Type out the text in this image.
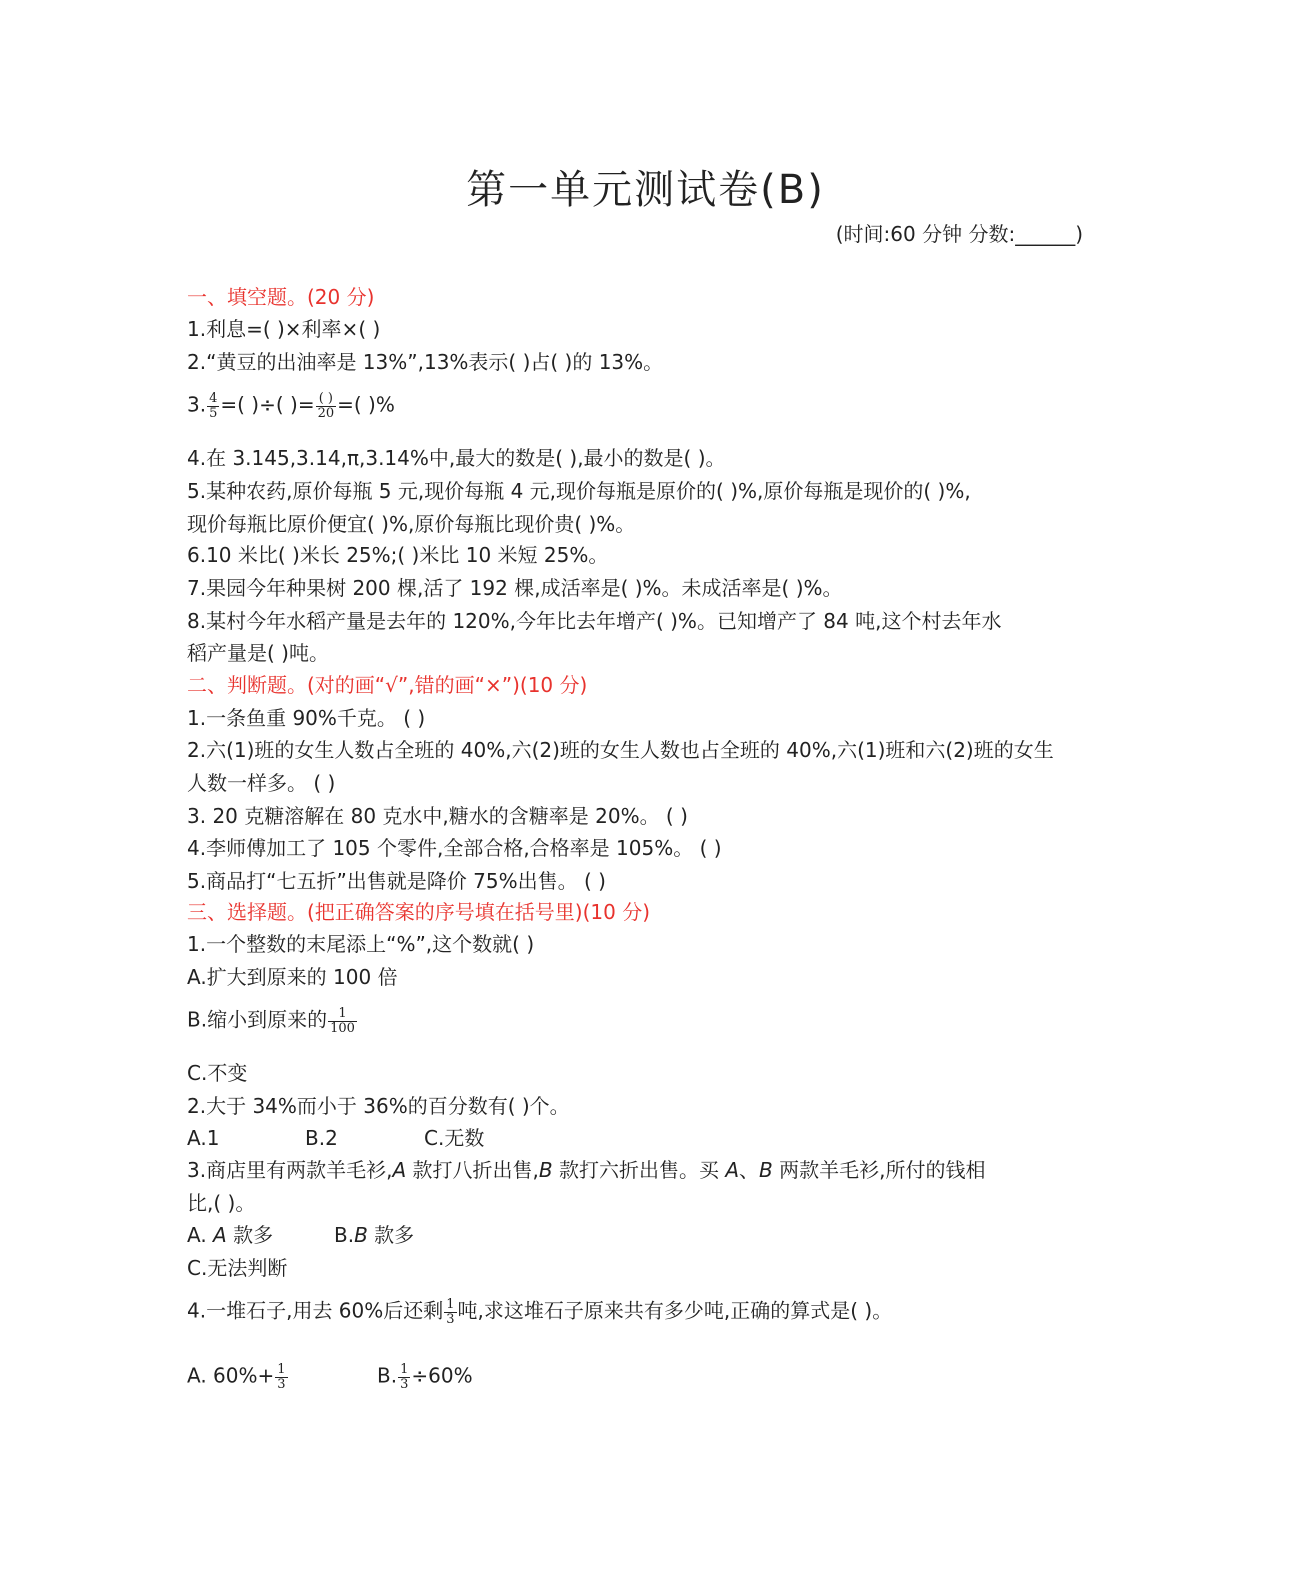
第一单元测试卷(B)
(时间:60 分钟 分数:______)
一、填空题。(20 分)
1.利息=( )×利率×( )
2.“黄豆的出油率是 13%”,13%表示( )占( )的 13%。
3. $\frac{4}{5}$ =( )÷( )= $\frac{( )}{20}$ =( )%
4.在 3.145,3.14,π,3.14%中,最大的数是( ),最小的数是( )。
5.某种农药,原价每瓶 5 元,现价每瓶 4 元,现价每瓶是原价的( )%,原价每瓶是现价的( )%,
现价每瓶比原价便宜( )%,原价每瓶比现价贵( )%。
6.10 米比( )米长 25%;( )米比 10 米短 25%。
7.果园今年种果树 200 棵,活了 192 棵,成活率是( )%。未成活率是( )%。
8.某村今年水稻产量是去年的 120%,今年比去年增产( )%。已知增产了 84 吨,这个村去年水
稻产量是( )吨。
二、判断题。(对的画“√”,错的画“×”)(10 分)
1.一条鱼重 90%千克。 ( )
2.六(1)班的女生人数占全班的 40%,六(2)班的女生人数也占全班的 40%,六(1)班和六(2)班的女生
人数一样多。 ( )
3. 20 克糖溶解在 80 克水中,糖水的含糖率是 20%。 ( )
4.李师傅加工了 105 个零件,全部合格,合格率是 105%。 ( )
5.商品打“七五折”出售就是降价 75%出售。 ( )
三、选择题。(把正确答案的序号填在括号里)(10 分)
1.一个整数的末尾添上“%”,这个数就( )
A.扩大到原来的 100 倍
B.缩小到原来的 $\frac{1}{100}$
C.不变
2.大于 34%而小于 36%的百分数有( )个。
A.1	B.2	C.无数
3.商店里有两款羊毛衫,A 款打八折出售,B 款打六折出售。买 A、B 两款羊毛衫,所付的钱相
比,( )。
A. A 款多	B.B 款多
C.无法判断
4.一堆石子,用去 60%后还剩 $\frac{1}{3}$ 吨,求这堆石子原来共有多少吨,正确的算式是( )。
A. $60\%+ \frac{1}{3}$	B. $\frac{1}{3} \div 60\%$
